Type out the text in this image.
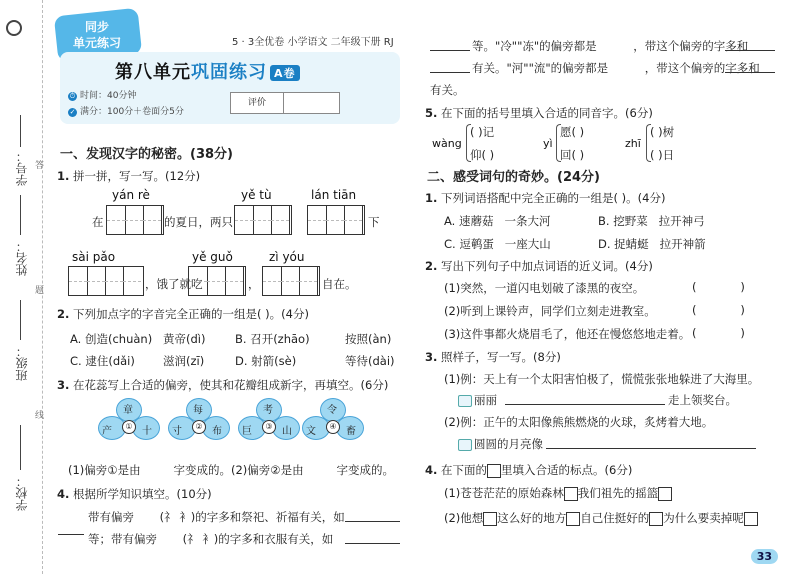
学号：
姓名：
班级：
学校：
答
题
线
同步
单元练习	5 · 3全优卷 小学语文 二年级下册 RJ
第八单元巩固练习 A卷
⏱ 时间：40分钟
✓ 满分：100分＋卷面分5分
评价
一、发现汉字的秘密。(38分)
1. 拼一拼，写一写。(12分)
yán rè	yě tù	lán tiān
在	的夏日，两只	下
sài pǎo	yě guǒ	zì yóu
，饿了就吃	，	自在。
2. 下列加点字的字音完全正确的一组是( )。(4分)
A. 创造(chuàn) 黄帝(dì)	B. 召开(zhāo)	按照(àn)
C. 逮住(dǎi) 滋润(zī)	D. 射箭(sè)	等待(dài)
3. 在花蕊写上合适的偏旁，使其和花瓣组成新字，再填空。(6分)
章
产	十
①
每
寸	布
②
考
巨	山
③
令
文	畜
④
(1)偏旁①是由         字变成的。(2)偏旁②是由         字变成的。
4. 根据所学知识填空。(10分)
带有偏旁       (礻 衤)的字多和祭祀、祈福有关，如
等；带有偏旁       (礻 衤)的字多和衣服有关，如
等。"冷""冻"的偏旁都是          ，带这个偏旁的字多和
有关。"河""流"的偏旁都是          ，带这个偏旁的字多和
有关。
5. 在下面的括号里填入合适的同音字。(6分)
wàng
( )记
仰( )
yì
愿( )
回( )
zhī
( )树
( )日
二、感受词句的奇妙。(24分)
1. 下列词语搭配中完全正确的一组是( )。(4分)
A. 速蘑菇   一条大河	B. 挖野菜   拉开神弓
C. 逗鹌蛋   一座大山	D. 捉蜻蜓   拉开神箭
2. 写出下列句子中加点词语的近义词。(4分)
(1)突然，一道闪电划破了漆黑的夜空。	(            )
(2)听到上课铃声，同学们立刻走进教室。	(            )
(3)这件事都火烧眉毛了，他还在慢悠悠地走着。 (            )
3. 照样子，写一写。(8分)
(1)例：天上有一个太阳害怕极了，慌慌张张地躲进了大海里。
丽丽	走上领奖台。
(2)例：正午的太阳像熊熊燃烧的火球，炙烤着大地。
圆圆的月亮像
4. 在下面的 里填入合适的标点。(6分)
(1)苍苍茫茫的原始森林 我们祖先的摇篮
(2)他想 这么好的地方 自己住挺好的 为什么要卖掉呢
33
